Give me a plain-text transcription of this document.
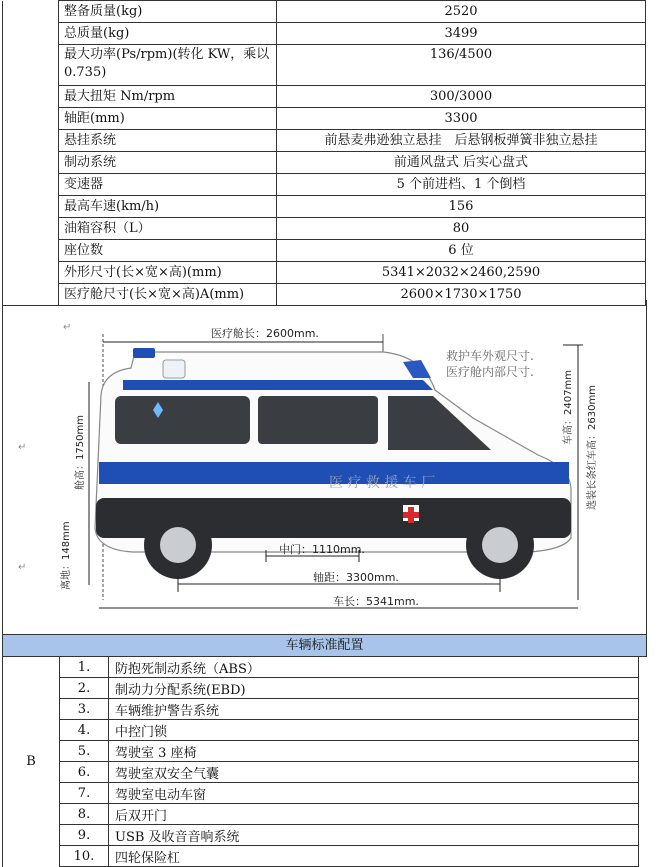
	整备质量(kg)	2520
	总质量(kg)	3499
	最大功率(Ps/rpm)(转化 KW，乘以 0.735)	136/4500
	最大扭矩 Nm/rpm	300/3000
	轴距(mm)	3300
	悬挂系统	前悬麦弗逊独立悬挂　后悬钢板弹簧非独立悬挂
	制动系统	前通风盘式 后实心盘式
	变速器	5 个前进档、1 个倒档
	最高车速(km/h)	156
	油箱容积（L）	80
	座位数	6 位
	外形尺寸(长×宽×高)(mm)	5341×2032×2460,2590
	医疗舱尺寸(长×宽×高)A(mm)	2600×1730×1750
↵
↵
↵
医疗舱长：2600mm.
救护车外观尺寸.
医疗舱内部尺寸.	车高：2407mm 选装长条红车高：2630mm
舱高：1750mm
离地：148mm
医 疗 救 援 车 厂
中门：1110mm.
轴距：3300mm.
车长：5341mm.
车辆标准配置
B	1.	防抱死制动系统（ABS）
	2.	制动力分配系统(EBD)
	3.	车辆维护警告系统
	4.	中控门锁
	5.	驾驶室 3 座椅
	6.	驾驶室双安全气囊
	7.	驾驶室电动车窗
	8.	后双开门
	9.	USB 及收音音响系统
	10.	四轮保险杠
